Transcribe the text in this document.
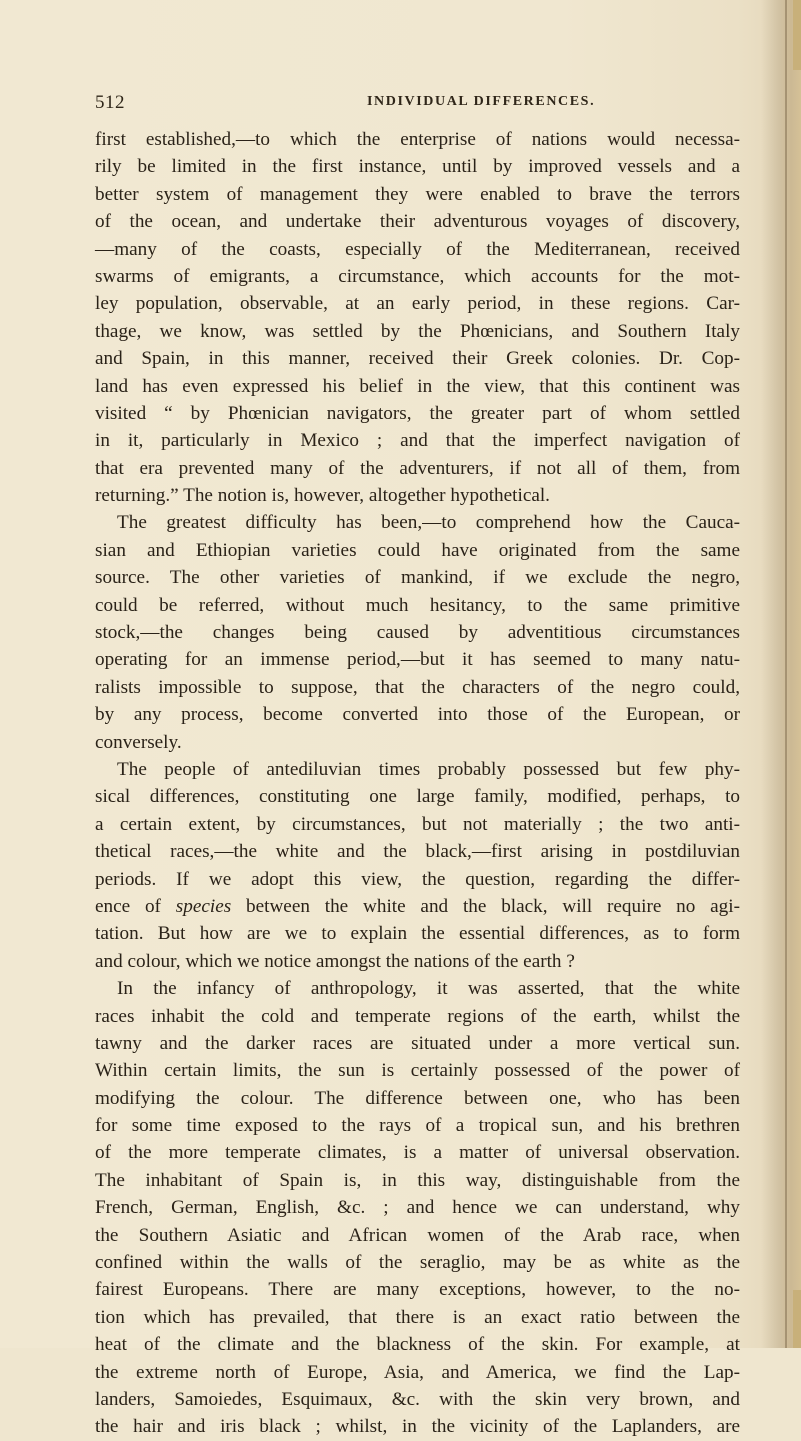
512	INDIVIDUAL DIFFERENCES.
first established,—to which the enterprise of nations would necessa-
rily be limited in the first instance, until by improved vessels and a
better system of management they were enabled to brave the terrors
of the ocean, and undertake their adventurous voyages of discovery,
—many of the coasts, especially of the Mediterranean, received
swarms of emigrants, a circumstance, which accounts for the mot-
ley population, observable, at an early period, in these regions. Car-
thage, we know, was settled by the Phœnicians, and Southern Italy
and Spain, in this manner, received their Greek colonies. Dr. Cop-
land has even expressed his belief in the view, that this continent was
visited “ by Phœnician navigators, the greater part of whom settled
in it, particularly in Mexico ; and that the imperfect navigation of
that era prevented many of the adventurers, if not all of them, from
returning.” The notion is, however, altogether hypothetical.
The greatest difficulty has been,—to comprehend how the Cauca-
sian and Ethiopian varieties could have originated from the same
source. The other varieties of mankind, if we exclude the negro,
could be referred, without much hesitancy, to the same primitive
stock,—the changes being caused by adventitious circumstances
operating for an immense period,—but it has seemed to many natu-
ralists impossible to suppose, that the characters of the negro could,
by any process, become converted into those of the European, or
conversely.
The people of antediluvian times probably possessed but few phy-
sical differences, constituting one large family, modified, perhaps, to
a certain extent, by circumstances, but not materially ; the two anti-
thetical races,—the white and the black,—first arising in postdiluvian
periods. If we adopt this view, the question, regarding the differ-
ence of species between the white and the black, will require no agi-
tation. But how are we to explain the essential differences, as to form
and colour, which we notice amongst the nations of the earth ?
In the infancy of anthropology, it was asserted, that the white
races inhabit the cold and temperate regions of the earth, whilst the
tawny and the darker races are situated under a more vertical sun.
Within certain limits, the sun is certainly possessed of the power of
modifying the colour. The difference between one, who has been
for some time exposed to the rays of a tropical sun, and his brethren
of the more temperate climates, is a matter of universal observation.
The inhabitant of Spain is, in this way, distinguishable from the
French, German, English, &c. ; and hence we can understand, why
the Southern Asiatic and African women of the Arab race, when
confined within the walls of the seraglio, may be as white as the
fairest Europeans. There are many exceptions, however, to the no-
tion which has prevailed, that there is an exact ratio between the
heat of the climate and the blackness of the skin. For example, at
the extreme north of Europe, Asia, and America, we find the Lap-
landers, Samoiedes, Esquimaux, &c. with the skin very brown, and
the hair and iris black ; whilst, in the vicinity of the Laplanders, are
